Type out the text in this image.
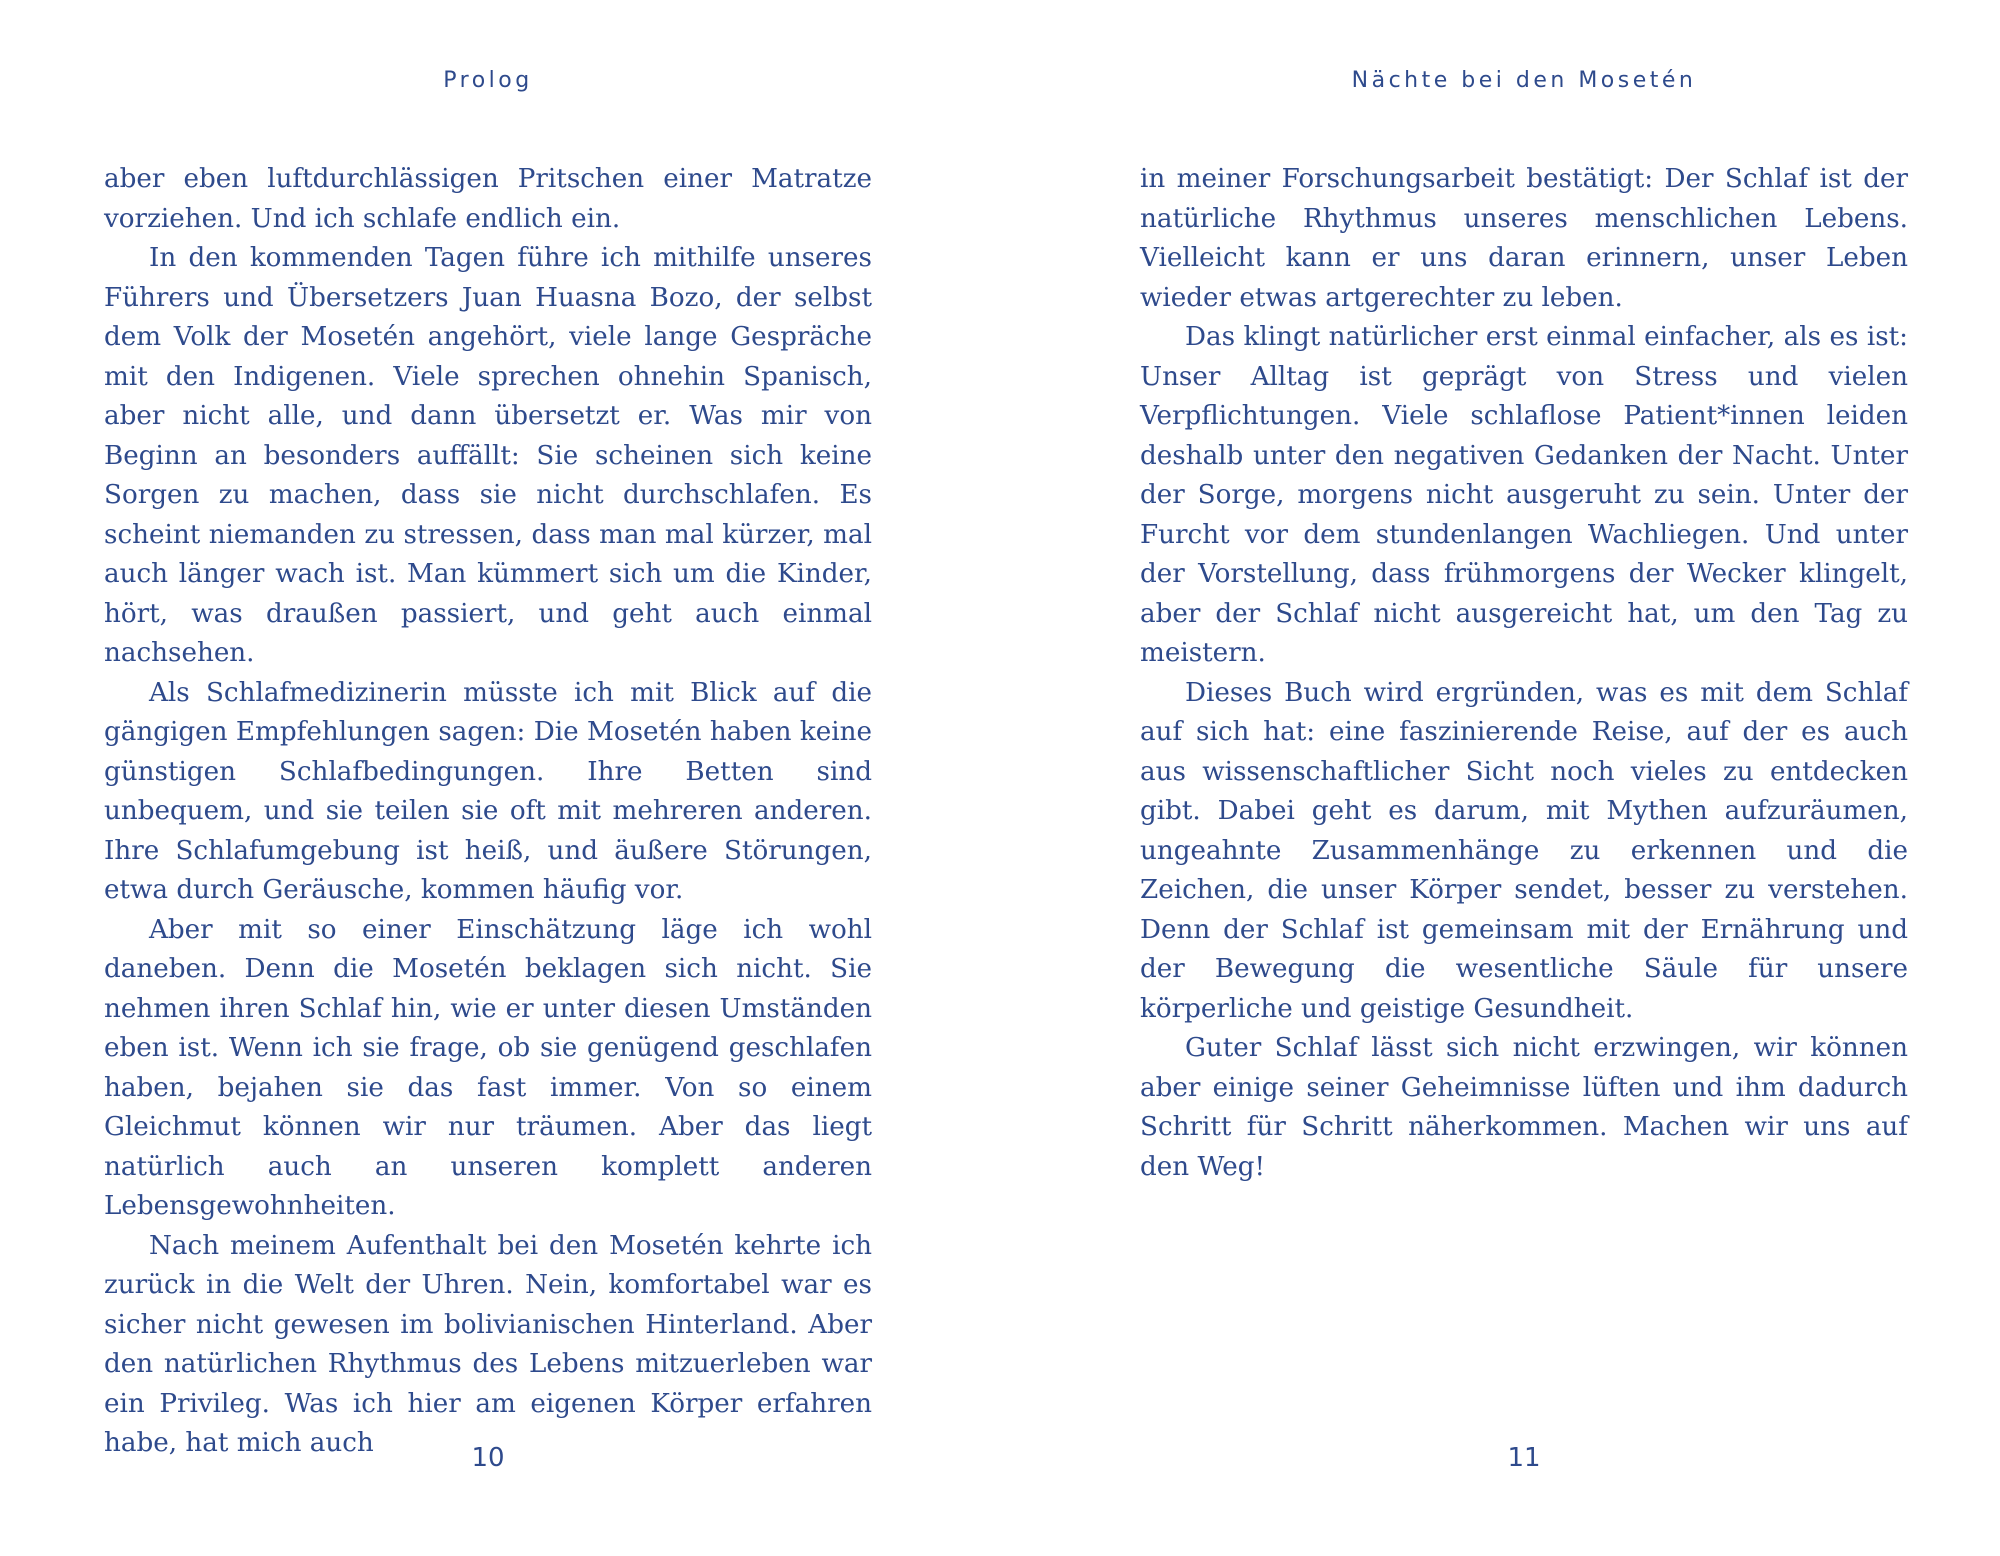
Prolog

aber eben luftdurchlässigen Pritschen einer Matratze vorziehen. Und ich schlafe endlich ein.

In den kommenden Tagen führe ich mithilfe unseres Führers und Übersetzers Juan Huasna Bozo, der selbst dem Volk der Mosetén angehört, viele lange Gespräche mit den Indigenen. Viele sprechen ohnehin Spanisch, aber nicht alle, und dann übersetzt er. Was mir von Beginn an besonders auffällt: Sie scheinen sich keine Sorgen zu machen, dass sie nicht durchschlafen. Es scheint niemanden zu stressen, dass man mal kürzer, mal auch länger wach ist. Man kümmert sich um die Kinder, hört, was draußen passiert, und geht auch einmal nachsehen.

Als Schlafmedizinerin müsste ich mit Blick auf die gängigen Empfehlungen sagen: Die Mosetén haben keine günstigen Schlafbedingungen. Ihre Betten sind unbequem, und sie teilen sie oft mit mehreren anderen. Ihre Schlafumgebung ist heiß, und äußere Störungen, etwa durch Geräusche, kommen häufig vor.

Aber mit so einer Einschätzung läge ich wohl daneben. Denn die Mosetén beklagen sich nicht. Sie nehmen ihren Schlaf hin, wie er unter diesen Umständen eben ist. Wenn ich sie frage, ob sie genügend geschlafen haben, bejahen sie das fast immer. Von so einem Gleichmut können wir nur träumen. Aber das liegt natürlich auch an unseren komplett anderen Lebensgewohnheiten.

Nach meinem Aufenthalt bei den Mosetén kehrte ich zurück in die Welt der Uhren. Nein, komfortabel war es sicher nicht gewesen im bolivianischen Hinterland. Aber den natürlichen Rhythmus des Lebens mitzuerleben war ein Privileg. Was ich hier am eigenen Körper erfahren habe, hat mich auch	10
Nächte bei den Mosetén

in meiner Forschungsarbeit bestätigt: Der Schlaf ist der natürliche Rhythmus unseres menschlichen Lebens. Vielleicht kann er uns daran erinnern, unser Leben wieder etwas artgerechter zu leben.

Das klingt natürlicher erst einmal einfacher, als es ist: Unser Alltag ist geprägt von Stress und vielen Verpflichtungen. Viele schlaflose Patient*innen leiden deshalb unter den negativen Gedanken der Nacht. Unter der Sorge, morgens nicht ausgeruht zu sein. Unter der Furcht vor dem stundenlangen Wachliegen. Und unter der Vorstellung, dass frühmorgens der Wecker klingelt, aber der Schlaf nicht ausgereicht hat, um den Tag zu meistern.

Dieses Buch wird ergründen, was es mit dem Schlaf auf sich hat: eine faszinierende Reise, auf der es auch aus wissenschaftlicher Sicht noch vieles zu entdecken gibt. Dabei geht es darum, mit Mythen aufzuräumen, ungeahnte Zusammenhänge zu erkennen und die Zeichen, die unser Körper sendet, besser zu verstehen. Denn der Schlaf ist gemeinsam mit der Ernährung und der Bewegung die wesentliche Säule für unsere körperliche und geistige Gesundheit.

Guter Schlaf lässt sich nicht erzwingen, wir können aber einige seiner Geheimnisse lüften und ihm dadurch Schritt für Schritt näherkommen. Machen wir uns auf den Weg!

11
